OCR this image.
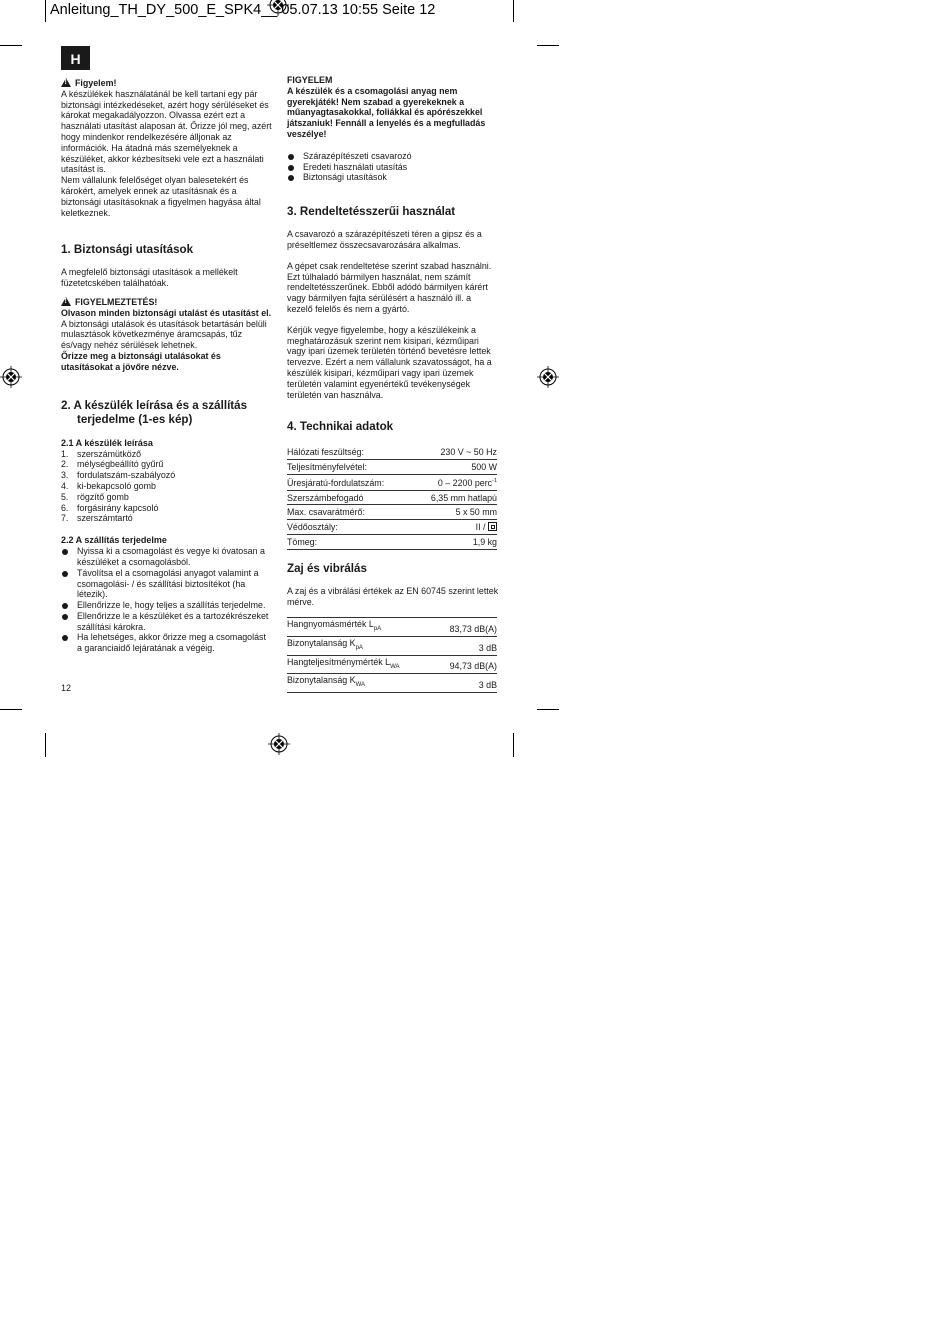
Anleitung_TH_DY_500_E_SPK4__ 05.07.13 10:55 Seite 12
H

!Figyelem!

A készülékek használatánál be kell tartani egy pár biztonsági intézkedéseket, azért hogy sérüléseket és károkat megakadályozzon. Olvassa ezért ezt a használati utasítást alaposan át. Őrizze jól meg, azért hogy mindenkor rendelkezésére álljonak az információk. Ha átadná más személyeknek a készüléket, akkor kézbesítseki vele ezt a használati utasítást is.

Nem vállalunk felelőséget olyan balesetekért és károkért, amelyek ennek az utasításnak és a biztonsági utasításoknak a figyelmen hagyása által keletkeznek.

1. Biztonsági utasítások

A megfelelő biztonsági utasítások a mellékelt füzetetcskében találhatóak.

!FIGYELMEZTETÉS!

Olvason minden biztonsági utalást és utasítást el.

A biztonsági utalások és utasítások betartásán belüli mulasztások következménye áramcsapás, tűz és/vagy nehéz sérülések lehetnek.

Őrizze meg a biztonsági utalásokat és utasításokat a jövőre nézve.

2. A készülék leírása és a szállítás

terjedelme (1-es kép)

2.1 A készülék leírása

1. szerszámütköző
2. mélységbeállító gyűrű
3. fordulatszám-szabályozó
4. ki-bekapcsoló gomb
5. rögzítő gomb
6. forgásirány kapcsoló
7. szerszámtartó

2.2 A szállítás terjedelme

Nyissa ki a csomagolást és vegye ki óvatosan a készüléket a csomagolásból.
Távolítsa el a csomagolási anyagot valamint a csomagolási- / és szállítási biztosítékot (ha létezik).
Ellenőrizze le, hogy teljes a szállítás terjedelme.
Ellenőrizze le a készüléket és a tartozékrészeket szállítási károkra.
Ha lehetséges, akkor őrizze meg a csomagolást a garanciaidő lejáratának a végéig.

FIGYELEM

A készülék és a csomagolási anyag nem gyerekjáték! Nem szabad a gyerekeknek a műanyagtasakokkal, foliákkal és apórészekkel játszaniuk! Fennáll a lenyelés és a megfulladás veszélye!

Szárazépítészeti csavarozó
Eredeti használati utasítás
Biztonsági utasítások

3. Rendeltetésszerűi használat

A csavarozó a szárazépítészeti téren a gipsz és a préseltlemez összecsavarozására alkalmas.

A gépet csak rendeltetése szerint szabad használni. Ezt túlhaladó bármilyen használat, nem számít rendeltetésszerűnek. Ebből adódó bármilyen kárért vagy bármilyen fajta sérülésért a használó ill. a kezelő felelős és nem a gyártó.

Kérjük vegye figyelembe, hogy a készülékeink a meghatározásuk szerint nem kisipari, kézműipari vagy ipari üzemek területén történő bevetésre lettek tervezve. Ezért a nem vállalunk szavatosságot, ha a készülék kisipari, kézműipari vagy ipari üzemek területén valamint egyenértékű tevékenységek területén van használva.

4. Technikai adatok

Hálózati feszültség:	230 V ~ 50 Hz
Teljesítményfelvétel:	500 W
Üresjáratú-fordulatszám:	0 – 2200 perc$^{-1}$
Szerszámbefogadó	6,35 mm hatlapú
Max. csavarátmérő:	5 x 50 mm
Védőosztály:	II /

Tömeg:	1,9 kg

Zaj és vibrálás

A zaj és a vibrálási értékek az EN 60745 szerint lettek mérve.

Hangnyomásmérték $L_{pA}$	83,73 dB(A)
Bizonytalanság $K_{pA}$	3 dB
Hangteljesítménymérték $L_{WA}$	94,73 dB(A)
Bizonytalanság $K_{WA}$	3 dB
12
